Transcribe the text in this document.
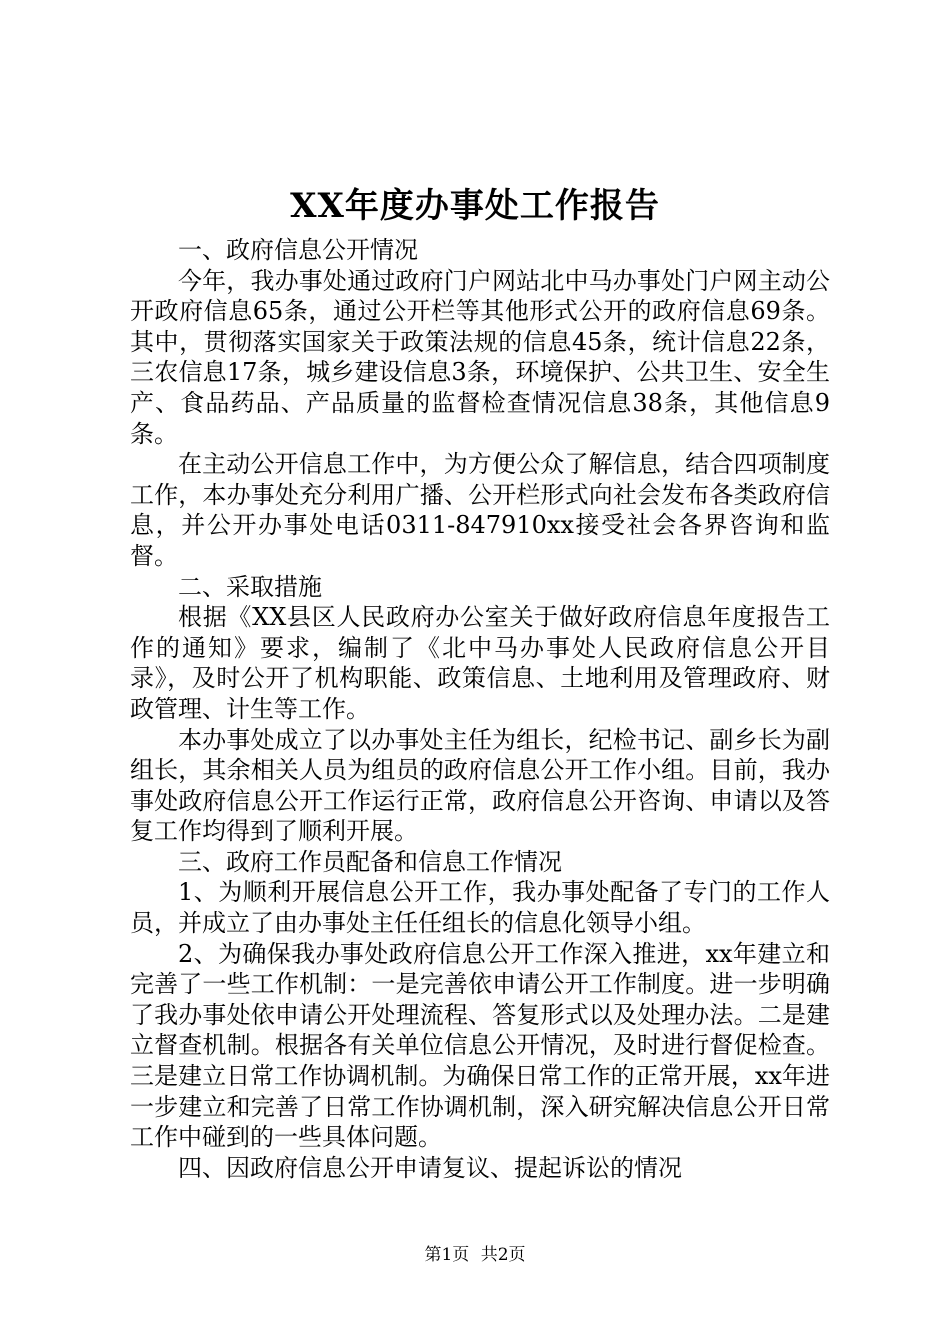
XX年度办事处工作报告

一、政府信息公开情况

今年，我办事处通过政府门户网站北中马办事处门户网主动公开政府信息65条，通过公开栏等其他形式公开的政府信息69条。其中，贯彻落实国家关于政策法规的信息45条，统计信息22条，三农信息17条，城乡建设信息3条，环境保护、公共卫生、安全生产、食品药品、产品质量的监督检查情况信息38条，其他信息9条。

在主动公开信息工作中，为方便公众了解信息，结合四项制度工作，本办事处充分利用广播、公开栏形式向社会发布各类政府信息，并公开办事处电话0311-847910xx接受社会各界咨询和监督。

二、采取措施

根据《XX县区人民政府办公室关于做好政府信息年度报告工作的通知》要求，编制了《北中马办事处人民政府信息公开目录》，及时公开了机构职能、政策信息、土地利用及管理政府、财政管理、计生等工作。

本办事处成立了以办事处主任为组长，纪检书记、副乡长为副组长，其余相关人员为组员的政府信息公开工作小组。目前，我办事处政府信息公开工作运行正常，政府信息公开咨询、申请以及答复工作均得到了顺利开展。

三、政府工作员配备和信息工作情况

1、为顺利开展信息公开工作，我办事处配备了专门的工作人员，并成立了由办事处主任任组长的信息化领导小组。

2、为确保我办事处政府信息公开工作深入推进，xx年建立和完善了一些工作机制：一是完善依申请公开工作制度。进一步明确了我办事处依申请公开处理流程、答复形式以及处理办法。二是建立督查机制。根据各有关单位信息公开情况，及时进行督促检查。三是建立日常工作协调机制。为确保日常工作的正常开展，xx年进一步建立和完善了日常工作协调机制，深入研究解决信息公开日常工作中碰到的一些具体问题。

四、因政府信息公开申请复议、提起诉讼的情况

第1页 共2页
